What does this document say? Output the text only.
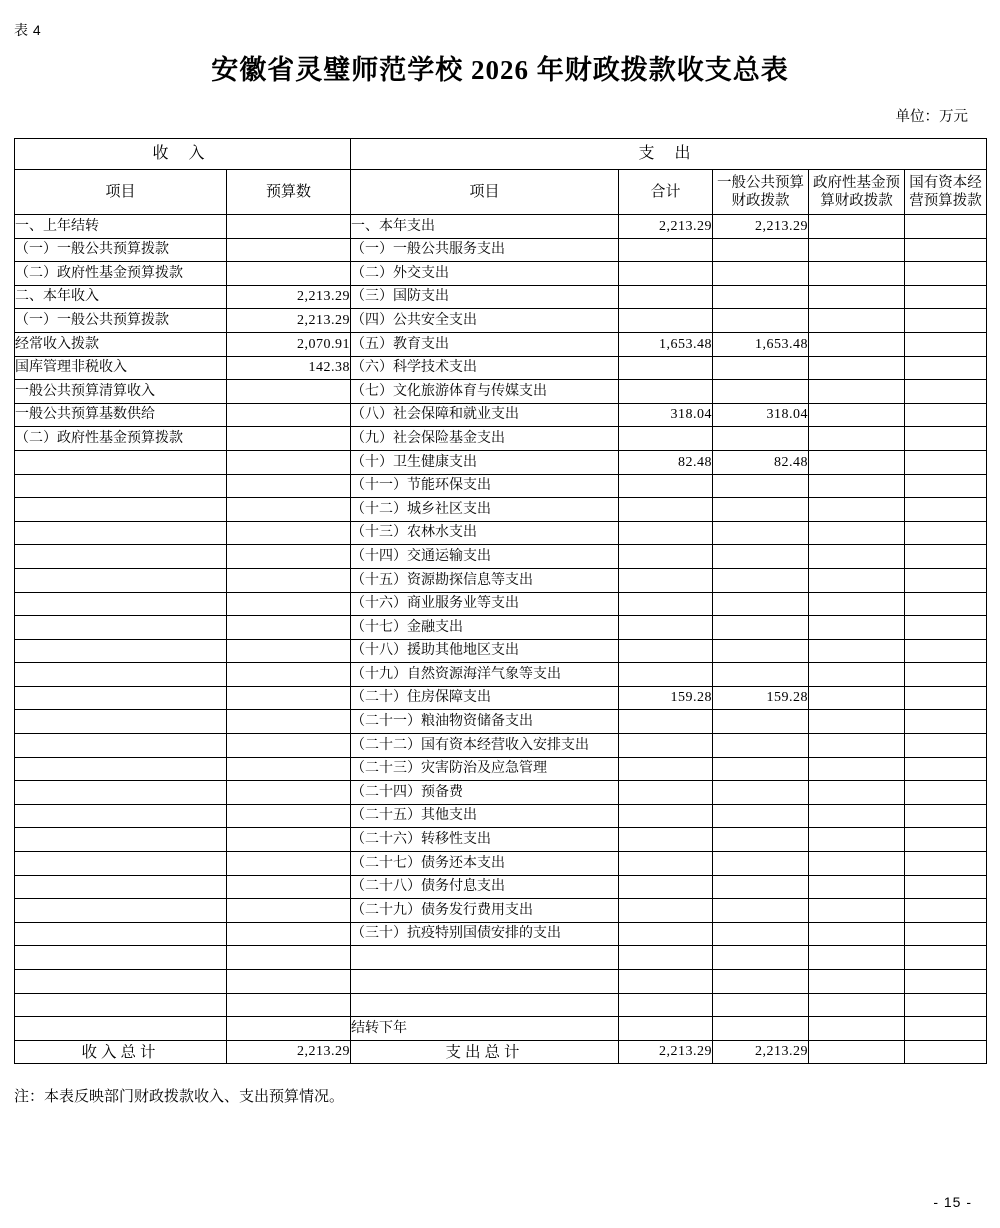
表 4
安徽省灵璧师范学校 2026 年财政拨款收支总表
单位：万元
收 入		支 出				
项目	预算数	项目	合计	一般公共预算财政拨款	政府性基金预算财政拨款	国有资本经营预算拨款
一、上年结转		一、本年支出	2,213.29	2,213.29		
（一）一般公共预算拨款		（一）一般公共服务支出				
（二）政府性基金预算拨款		（二）外交支出				
二、本年收入	2,213.29	（三）国防支出				
（一）一般公共预算拨款	2,213.29	（四）公共安全支出				
经常收入拨款	2,070.91	（五）教育支出	1,653.48	1,653.48		
国库管理非税收入	142.38	（六）科学技术支出				
一般公共预算清算收入		（七）文化旅游体育与传媒支出				
一般公共预算基数供给		（八）社会保障和就业支出	318.04	318.04		
（二）政府性基金预算拨款		（九）社会保险基金支出				
		（十）卫生健康支出	82.48	82.48		
		（十一）节能环保支出				
		（十二）城乡社区支出				
		（十三）农林水支出				
		（十四）交通运输支出				
		（十五）资源勘探信息等支出				
		（十六）商业服务业等支出				
		（十七）金融支出				
		（十八）援助其他地区支出				
		（十九）自然资源海洋气象等支出				
		（二十）住房保障支出	159.28	159.28		
		（二十一）粮油物资储备支出				
		（二十二）国有资本经营收入安排支出				
		（二十三）灾害防治及应急管理				
		（二十四）预备费				
		（二十五）其他支出				
		（二十六）转移性支出				
		（二十七）债务还本支出				
		（二十八）债务付息支出				
		（二十九）债务发行费用支出				
		（三十）抗疫特别国债安排的支出				

		结转下年				
收入总计	2,213.29	支出总计	2,213.29	2,213.29		
注：本表反映部门财政拨款收入、支出预算情况。
- 15 -
